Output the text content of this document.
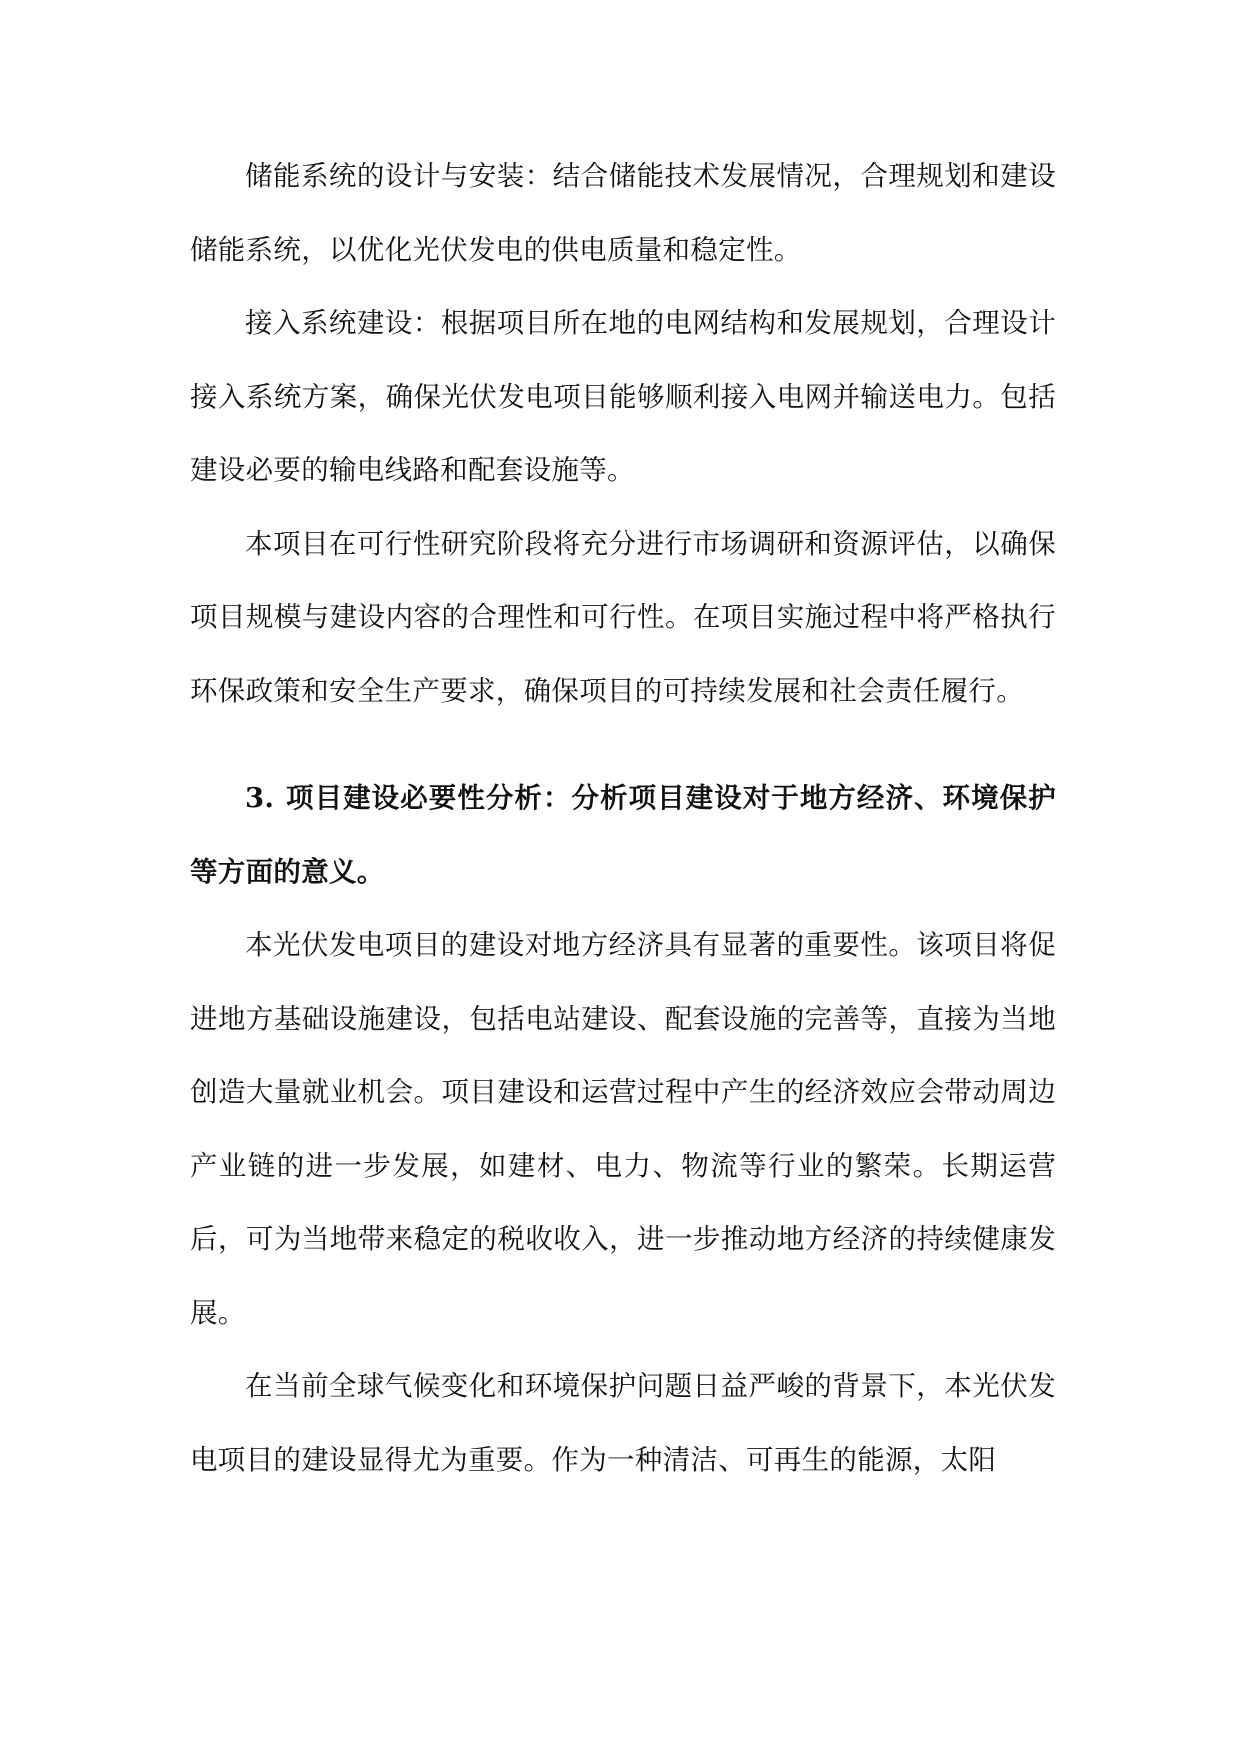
储能系统的设计与安装：结合储能技术发展情况，合理规划和建设储能系统，以优化光伏发电的供电质量和稳定性。

接入系统建设：根据项目所在地的电网结构和发展规划，合理设计接入系统方案，确保光伏发电项目能够顺利接入电网并输送电力。包括建设必要的输电线路和配套设施等。

本项目在可行性研究阶段将充分进行市场调研和资源评估，以确保项目规模与建设内容的合理性和可行性。在项目实施过程中将严格执行环保政策和安全生产要求，确保项目的可持续发展和社会责任履行。

3. 项目建设必要性分析：分析项目建设对于地方经济、环境保护等方面的意义。

本光伏发电项目的建设对地方经济具有显著的重要性。该项目将促进地方基础设施建设，包括电站建设、配套设施的完善等，直接为当地创造大量就业机会。项目建设和运营过程中产生的经济效应会带动周边产业链的进一步发展，如建材、电力、物流等行业的繁荣。长期运营后，可为当地带来稳定的税收收入，进一步推动地方经济的持续健康发展。

在当前全球气候变化和环境保护问题日益严峻的背景下，本光伏发电项目的建设显得尤为重要。作为一种清洁、可再生的能源，太阳
